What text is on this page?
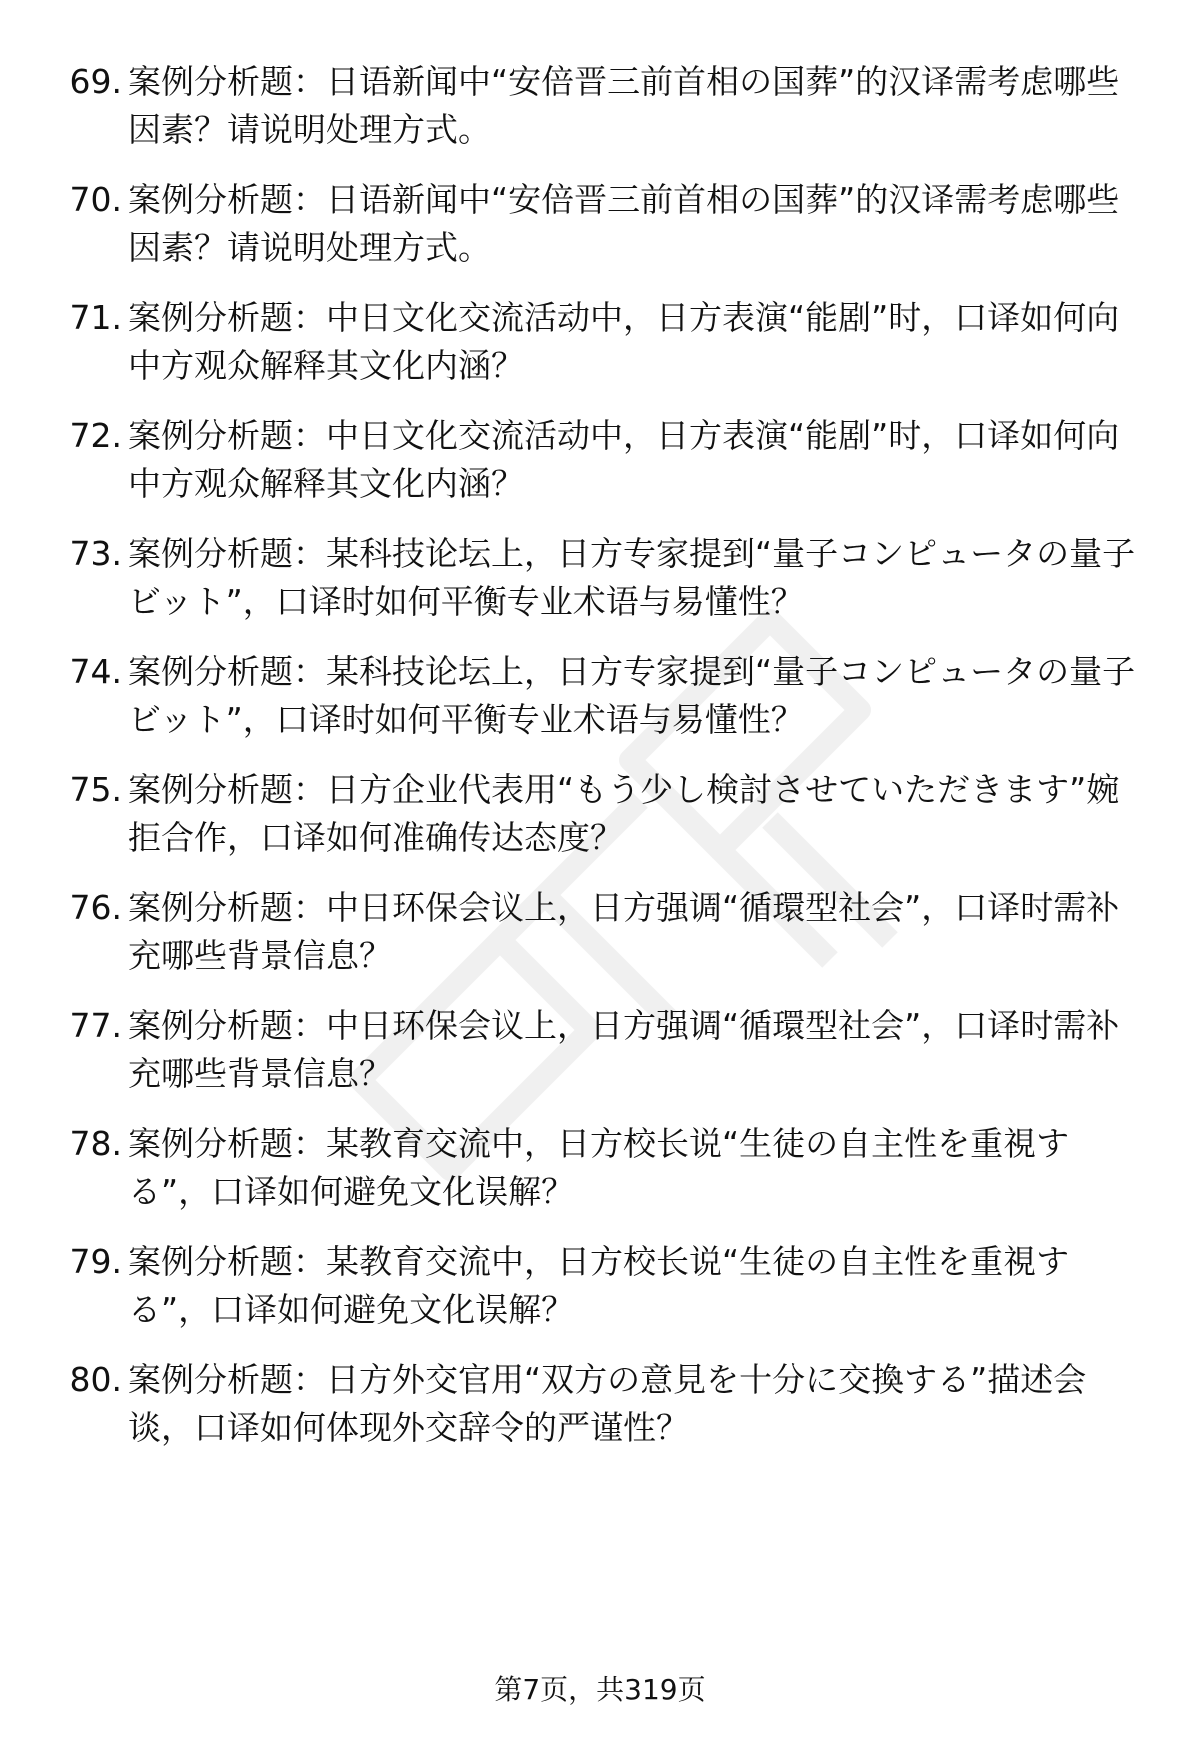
69. 案例分析题：日语新闻中“安倍晋三前首相の国葬”的汉译需考虑哪些因素？请说明处理方式。
70. 案例分析题：日语新闻中“安倍晋三前首相の国葬”的汉译需考虑哪些因素？请说明处理方式。
71. 案例分析题：中日文化交流活动中，日方表演“能剧”时，口译如何向中方观众解释其文化内涵？
72. 案例分析题：中日文化交流活动中，日方表演“能剧”时，口译如何向中方观众解释其文化内涵？
73. 案例分析题：某科技论坛上，日方专家提到“量子コンピュータの量子ビット”，口译时如何平衡专业术语与易懂性？
74. 案例分析题：某科技论坛上，日方专家提到“量子コンピュータの量子ビット”，口译时如何平衡专业术语与易懂性？
75. 案例分析题：日方企业代表用“もう少し検討させていただきます”婉拒合作，口译如何准确传达态度？
76. 案例分析题：中日环保会议上，日方强调“循環型社会”，口译时需补充哪些背景信息？
77. 案例分析题：中日环保会议上，日方强调“循環型社会”，口译时需补充哪些背景信息？
78. 案例分析题：某教育交流中，日方校长说“生徒の自主性を重視する”，口译如何避免文化误解？
79. 案例分析题：某教育交流中，日方校长说“生徒の自主性を重視する”，口译如何避免文化误解？
80. 案例分析题：日方外交官用“双方の意見を十分に交換する”描述会谈，口译如何体现外交辞令的严谨性？
第7页，共319页
